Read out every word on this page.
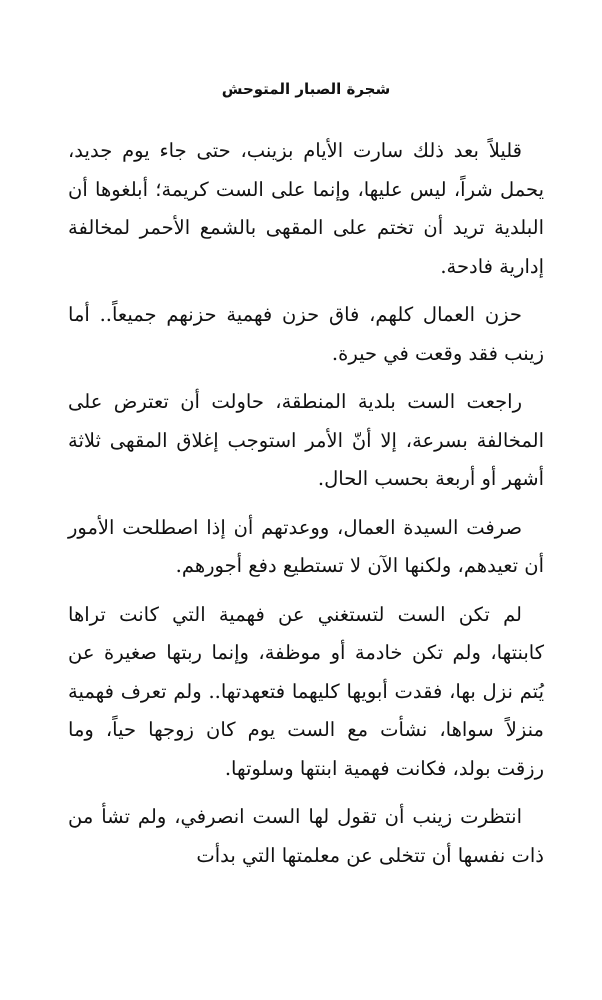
شجرة الصبار المتوحش

قليلاً بعد ذلك سارت الأيام بزينب، حتى جاء يوم جديد، يحمل شراً، ليس عليها، وإنما على الست كريمة؛ أبلغوها أن البلدية تريد أن تختم على المقهى بالشمع الأحمر لمخالفة إدارية فادحة.

حزن العمال كلهم، فاق حزن فهمية حزنهم جميعاً.. أما زينب فقد وقعت في حيرة.

راجعت الست بلدية المنطقة، حاولت أن تعترض على المخالفة بسرعة، إلا أنّ الأمر استوجب إغلاق المقهى ثلاثة أشهر أو أربعة بحسب الحال.

صرفت السيدة العمال، ووعدتهم أن إذا اصطلحت الأمور أن تعيدهم، ولكنها الآن لا تستطيع دفع أجورهم.

لم تكن الست لتستغني عن فهمية التي كانت تراها كابنتها، ولم تكن خادمة أو موظفة، وإنما ربتها صغيرة عن يُتم نزل بها، فقدت أبويها كليهما فتعهدتها.. ولم تعرف فهمية منزلاً سواها، نشأت مع الست يوم كان زوجها حياً، وما رزقت بولد، فكانت فهمية ابنتها وسلوتها.

انتظرت زينب أن تقول لها الست انصرفي، ولم تشأ من ذات نفسها أن تتخلى عن معلمتها التي بدأت
